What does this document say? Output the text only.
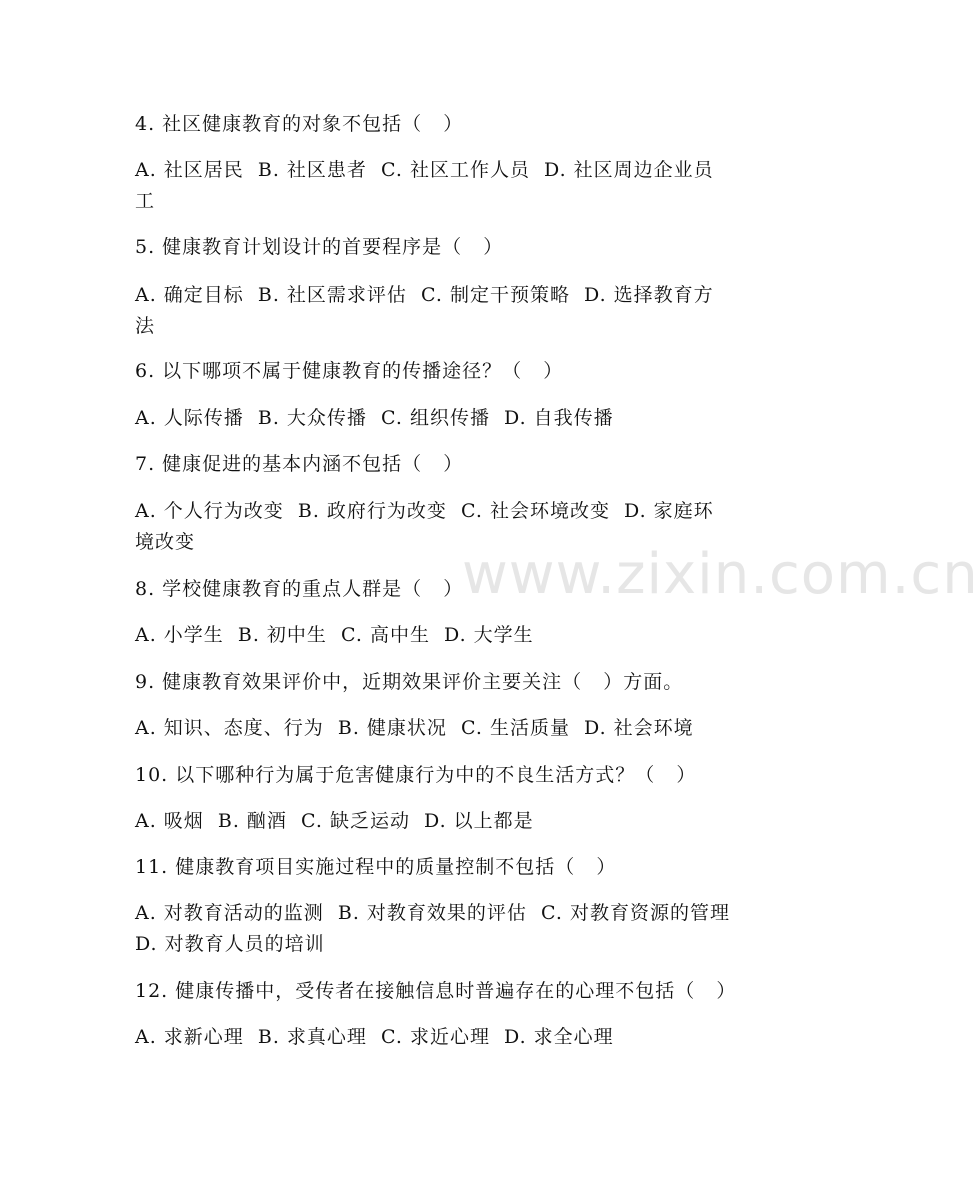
www.zixin.com.cn
4. 社区健康教育的对象不包括（   ）
A. 社区居民  B. 社区患者  C. 社区工作人员  D. 社区周边企业员
工
5. 健康教育计划设计的首要程序是（   ）
A. 确定目标  B. 社区需求评估  C. 制定干预策略  D. 选择教育方
法
6. 以下哪项不属于健康教育的传播途径？（   ）
A. 人际传播  B. 大众传播  C. 组织传播  D. 自我传播
7. 健康促进的基本内涵不包括（   ）
A. 个人行为改变  B. 政府行为改变  C. 社会环境改变  D. 家庭环
境改变
8. 学校健康教育的重点人群是（   ）
A. 小学生  B. 初中生  C. 高中生  D. 大学生
9. 健康教育效果评价中，近期效果评价主要关注（   ）方面。
A. 知识、态度、行为  B. 健康状况  C. 生活质量  D. 社会环境
10. 以下哪种行为属于危害健康行为中的不良生活方式？（   ）
A. 吸烟  B. 酗酒  C. 缺乏运动  D. 以上都是
11. 健康教育项目实施过程中的质量控制不包括（   ）
A. 对教育活动的监测  B. 对教育效果的评估  C. 对教育资源的管理
D. 对教育人员的培训
12. 健康传播中，受传者在接触信息时普遍存在的心理不包括（   ）
A. 求新心理  B. 求真心理  C. 求近心理  D. 求全心理
